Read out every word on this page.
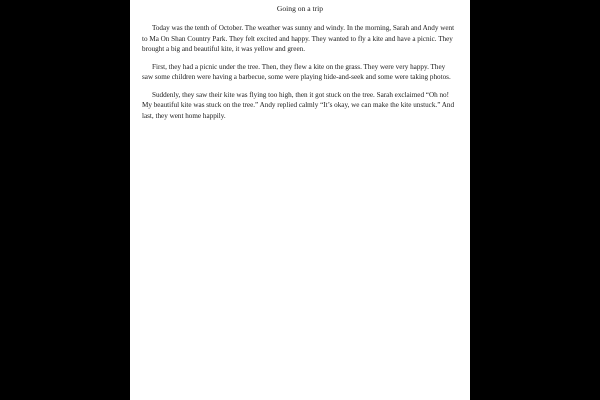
Going on a trip

Today was the tenth of October. The weather was sunny and windy. In the morning, Sarah and Andy went to Ma On Shan Country Park. They felt excited and happy. They wanted to fly a kite and have a picnic. They brought a big and beautiful kite, it was yellow and green.

First, they had a picnic under the tree. Then, they flew a kite on the grass. They were very happy. They saw some children were having a barbecue, some were playing hide-and-seek and some were taking photos.

Suddenly, they saw their kite was flying too high, then it got stuck on the tree. Sarah exclaimed “Oh no! My beautiful kite was stuck on the tree.” Andy replied calmly “It’s okay, we can make the kite unstuck.” And last, they went home happily.
